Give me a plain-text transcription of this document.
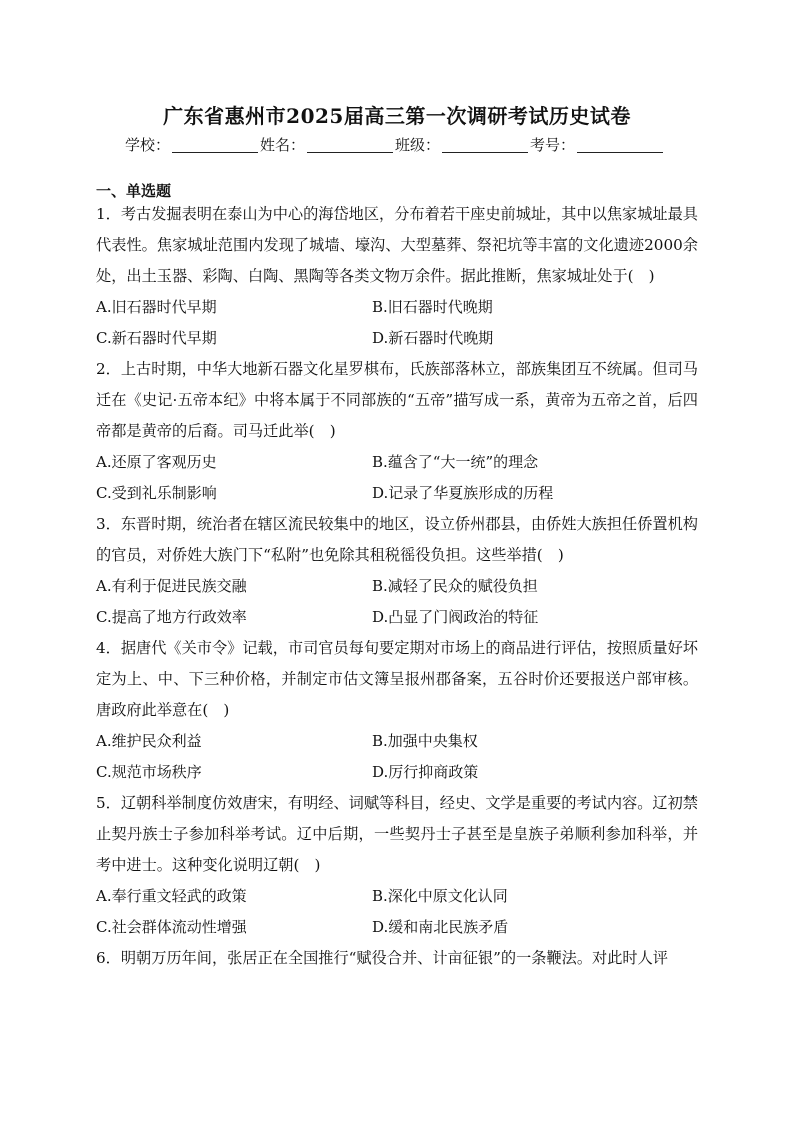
广东省惠州市2025届高三第一次调研考试历史试卷
学校：	姓名：	班级：	考号：
一、单选题

1．考古发掘表明在泰山为中心的海岱地区，分布着若干座史前城址，其中以焦家城址最具代表性。焦家城址范围内发现了城墙、壕沟、大型墓葬、祭祀坑等丰富的文化遗迹2000余处，出土玉器、彩陶、白陶、黑陶等各类文物万余件。据此推断，焦家城址处于(　)

A.旧石器时代早期	B.旧石器时代晚期
C.新石器时代早期	D.新石器时代晚期

2．上古时期，中华大地新石器文化星罗棋布，氏族部落林立，部族集团互不统属。但司马迁在《史记·五帝本纪》中将本属于不同部族的“五帝”描写成一系，黄帝为五帝之首，后四帝都是黄帝的后裔。司马迁此举(　)

A.还原了客观历史	B.蕴含了“大一统”的理念
C.受到礼乐制影响	D.记录了华夏族形成的历程

3．东晋时期，统治者在辖区流民较集中的地区，设立侨州郡县，由侨姓大族担任侨置机构的官员，对侨姓大族门下“私附”也免除其租税徭役负担。这些举措(　)

A.有利于促进民族交融	B.减轻了民众的赋役负担
C.提高了地方行政效率	D.凸显了门阀政治的特征

4．据唐代《关市令》记载，市司官员每旬要定期对市场上的商品进行评估，按照质量好坏定为上、中、下三种价格，并制定市估文簿呈报州郡备案，五谷时价还要报送户部审核。唐政府此举意在(　)

A.维护民众利益	B.加强中央集权
C.规范市场秩序	D.厉行抑商政策

5．辽朝科举制度仿效唐宋，有明经、词赋等科目，经史、文学是重要的考试内容。辽初禁止契丹族士子参加科举考试。辽中后期，一些契丹士子甚至是皇族子弟顺利参加科举，并考中进士。这种变化说明辽朝(　)

A.奉行重文轻武的政策	B.深化中原文化认同
C.社会群体流动性增强	D.缓和南北民族矛盾

6．明朝万历年间，张居正在全国推行“赋役合并、计亩征银”的一条鞭法。对此时人评
